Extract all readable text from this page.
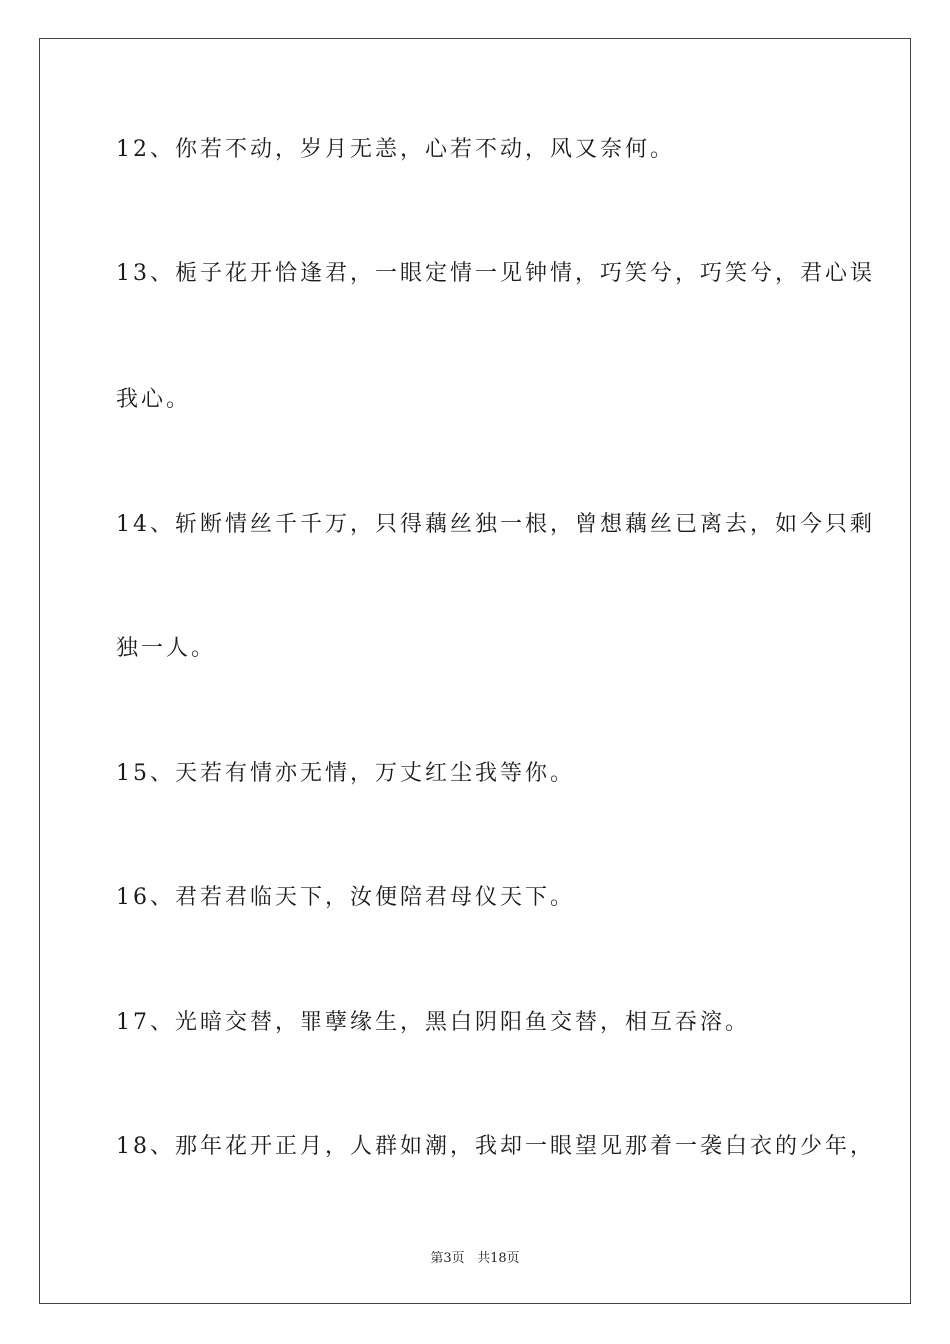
12、你若不动，岁月无恙，心若不动，风又奈何。
13、栀子花开恰逢君，一眼定情一见钟情，巧笑兮，巧笑兮，君心误
我心。
14、斩断情丝千千万，只得藕丝独一根，曾想藕丝已离去，如今只剩
独一人。
15、天若有情亦无情，万丈红尘我等你。
16、君若君临天下，汝便陪君母仪天下。
17、光暗交替，罪孽缘生，黑白阴阳鱼交替，相互吞溶。
18、那年花开正月，人群如潮，我却一眼望见那着一袭白衣的少年，
第3页 共18页
